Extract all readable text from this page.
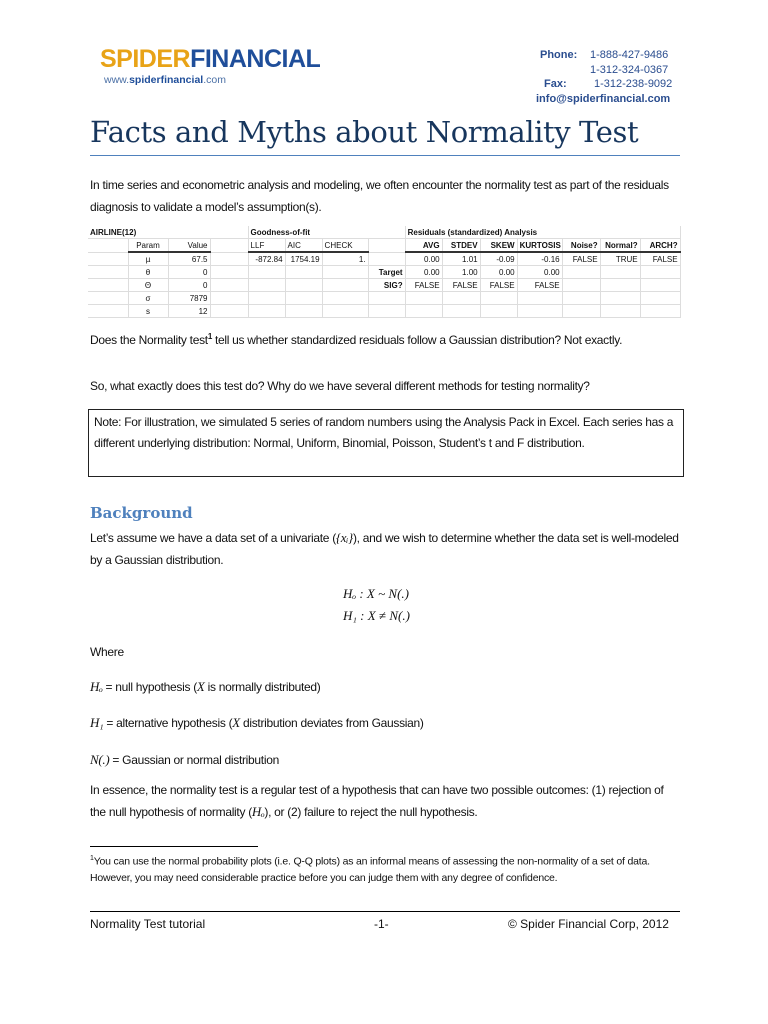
SPIDERFINANCIAL
www.spiderfinancial.com
Phone: 1-888-427-9486
1-312-324-0367
Fax: 1-312-238-9092
info@spiderfinancial.com
Facts and Myths about Normality Test
In time series and econometric analysis and modeling, we often encounter the normality test as part of the residuals diagnosis to validate a model’s assumption(s).
AIRLINE(12)				Goodness-of-fit				Residuals (standardized) Analysis						
	Param	Value		LLF	AIC	CHECK		AVG	STDEV	SKEW	KURTOSIS	Noise?	Normal?	ARCH?
	µ	67.5		-872.84	1754.19	1.		0.00	1.01	-0.09	-0.16	FALSE	TRUE	FALSE
	θ	0					Target	0.00	1.00	0.00	0.00			
	Θ	0					SIG?	FALSE	FALSE	FALSE	FALSE			
	σ	7879												
	s	12												
Does the Normality test$^1$ tell us whether standardized residuals follow a Gaussian distribution? Not exactly.
So, what exactly does this test do? Why do we have several different methods for testing normality?
Note: For illustration, we simulated 5 series of random numbers using the Analysis Pack in Excel. Each series has a different underlying distribution: Normal, Uniform, Binomial, Poisson, Student’s t and F distribution.
Background
Let’s assume we have a data set of a univariate ({xᵢ}), and we wish to determine whether the data set is well-modeled by a Gaussian distribution.
Hₒ : X ~ N(.)
H₁ : X ≠ N(.)
Where
Hₒ = null hypothesis (X is normally distributed)
H₁ = alternative hypothesis (X distribution deviates from Gaussian)
N(.) = Gaussian or normal distribution
In essence, the normality test is a regular test of a hypothesis that can have two possible outcomes: (1) rejection of the null hypothesis of normality (Hₒ), or (2) failure to reject the null hypothesis.
$^1$You can use the normal probability plots (i.e. Q-Q plots) as an informal means of assessing the non-normality of a set of data. However, you may need considerable practice before you can judge them with any degree of confidence.
Normality Test tutorial	-1-	© Spider Financial Corp, 2012
